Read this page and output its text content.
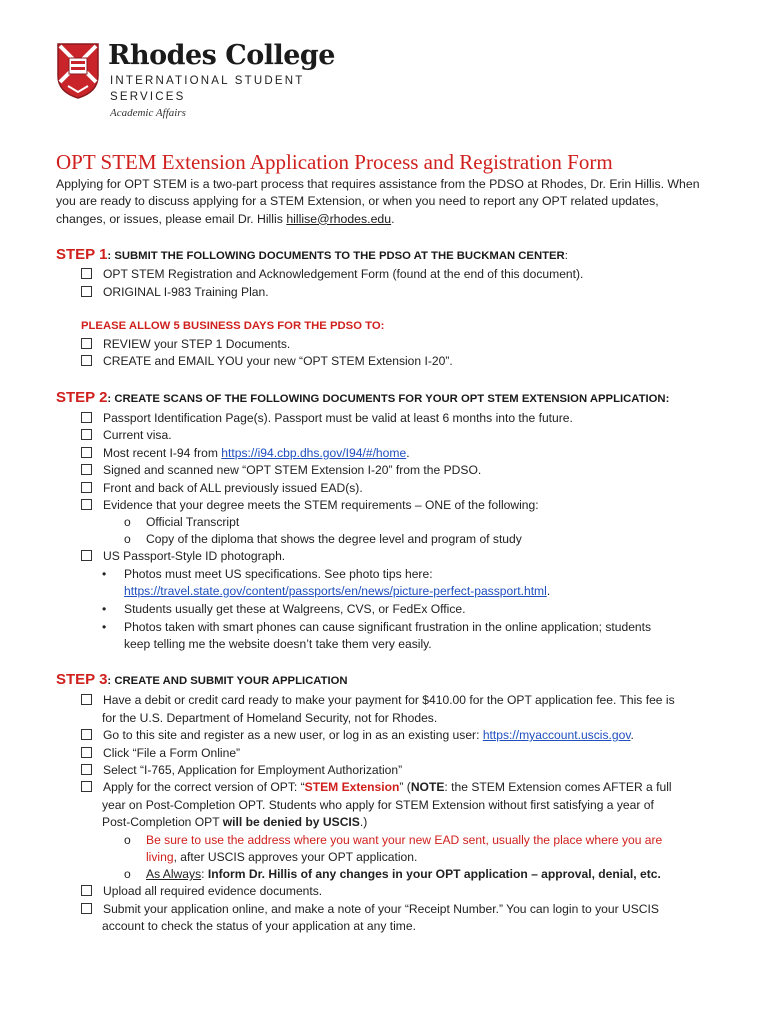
Rhodes College
INTERNATIONAL STUDENT
SERVICES
Academic Affairs
OPT STEM Extension Application Process and Registration Form
Applying for OPT STEM is a two-part process that requires assistance from the PDSO at Rhodes, Dr. Erin Hillis. When you are ready to discuss applying for a STEM Extension, or when you need to report any OPT related updates, changes, or issues, please email Dr. Hillis hillise@rhodes.edu.
STEP 1: SUBMIT THE FOLLOWING DOCUMENTS TO THE PDSO AT THE BUCKMAN CENTER:
OPT STEM Registration and Acknowledgement Form (found at the end of this document).
ORIGINAL I-983 Training Plan.
PLEASE ALLOW 5 BUSINESS DAYS FOR THE PDSO TO:
REVIEW your STEP 1 Documents.
CREATE and EMAIL YOU your new “OPT STEM Extension I-20”.
STEP 2: CREATE SCANS OF THE FOLLOWING DOCUMENTS FOR YOUR OPT STEM EXTENSION APPLICATION:
Passport Identification Page(s). Passport must be valid at least 6 months into the future.
Current visa.
Most recent I-94 from https://i94.cbp.dhs.gov/I94/#/home.
Signed and scanned new “OPT STEM Extension I-20” from the PDSO.
Front and back of ALL previously issued EAD(s).
Evidence that your degree meets the STEM requirements – ONE of the following:
o Official Transcript
o Copy of the diploma that shows the degree level and program of study
US Passport-Style ID photograph.
• Photos must meet US specifications. See photo tips here:
https://travel.state.gov/content/passports/en/news/picture-perfect-passport.html.
• Students usually get these at Walgreens, CVS, or FedEx Office.
• Photos taken with smart phones can cause significant frustration in the online application; students
keep telling me the website doesn’t take them very easily.
STEP 3: CREATE AND SUBMIT YOUR APPLICATION
Have a debit or credit card ready to make your payment for $410.00 for the OPT application fee. This fee is
for the U.S. Department of Homeland Security, not for Rhodes.
Go to this site and register as a new user, or log in as an existing user: https://myaccount.uscis.gov.
Click “File a Form Online”
Select “I-765, Application for Employment Authorization”
Apply for the correct version of OPT: “STEM Extension” (NOTE: the STEM Extension comes AFTER a full
year on Post-Completion OPT. Students who apply for STEM Extension without first satisfying a year of
Post-Completion OPT will be denied by USCIS.)
o Be sure to use the address where you want your new EAD sent, usually the place where you are
living, after USCIS approves your OPT application.
o As Always: Inform Dr. Hillis of any changes in your OPT application – approval, denial, etc.
Upload all required evidence documents.
Submit your application online, and make a note of your “Receipt Number.” You can login to your USCIS
account to check the status of your application at any time.
